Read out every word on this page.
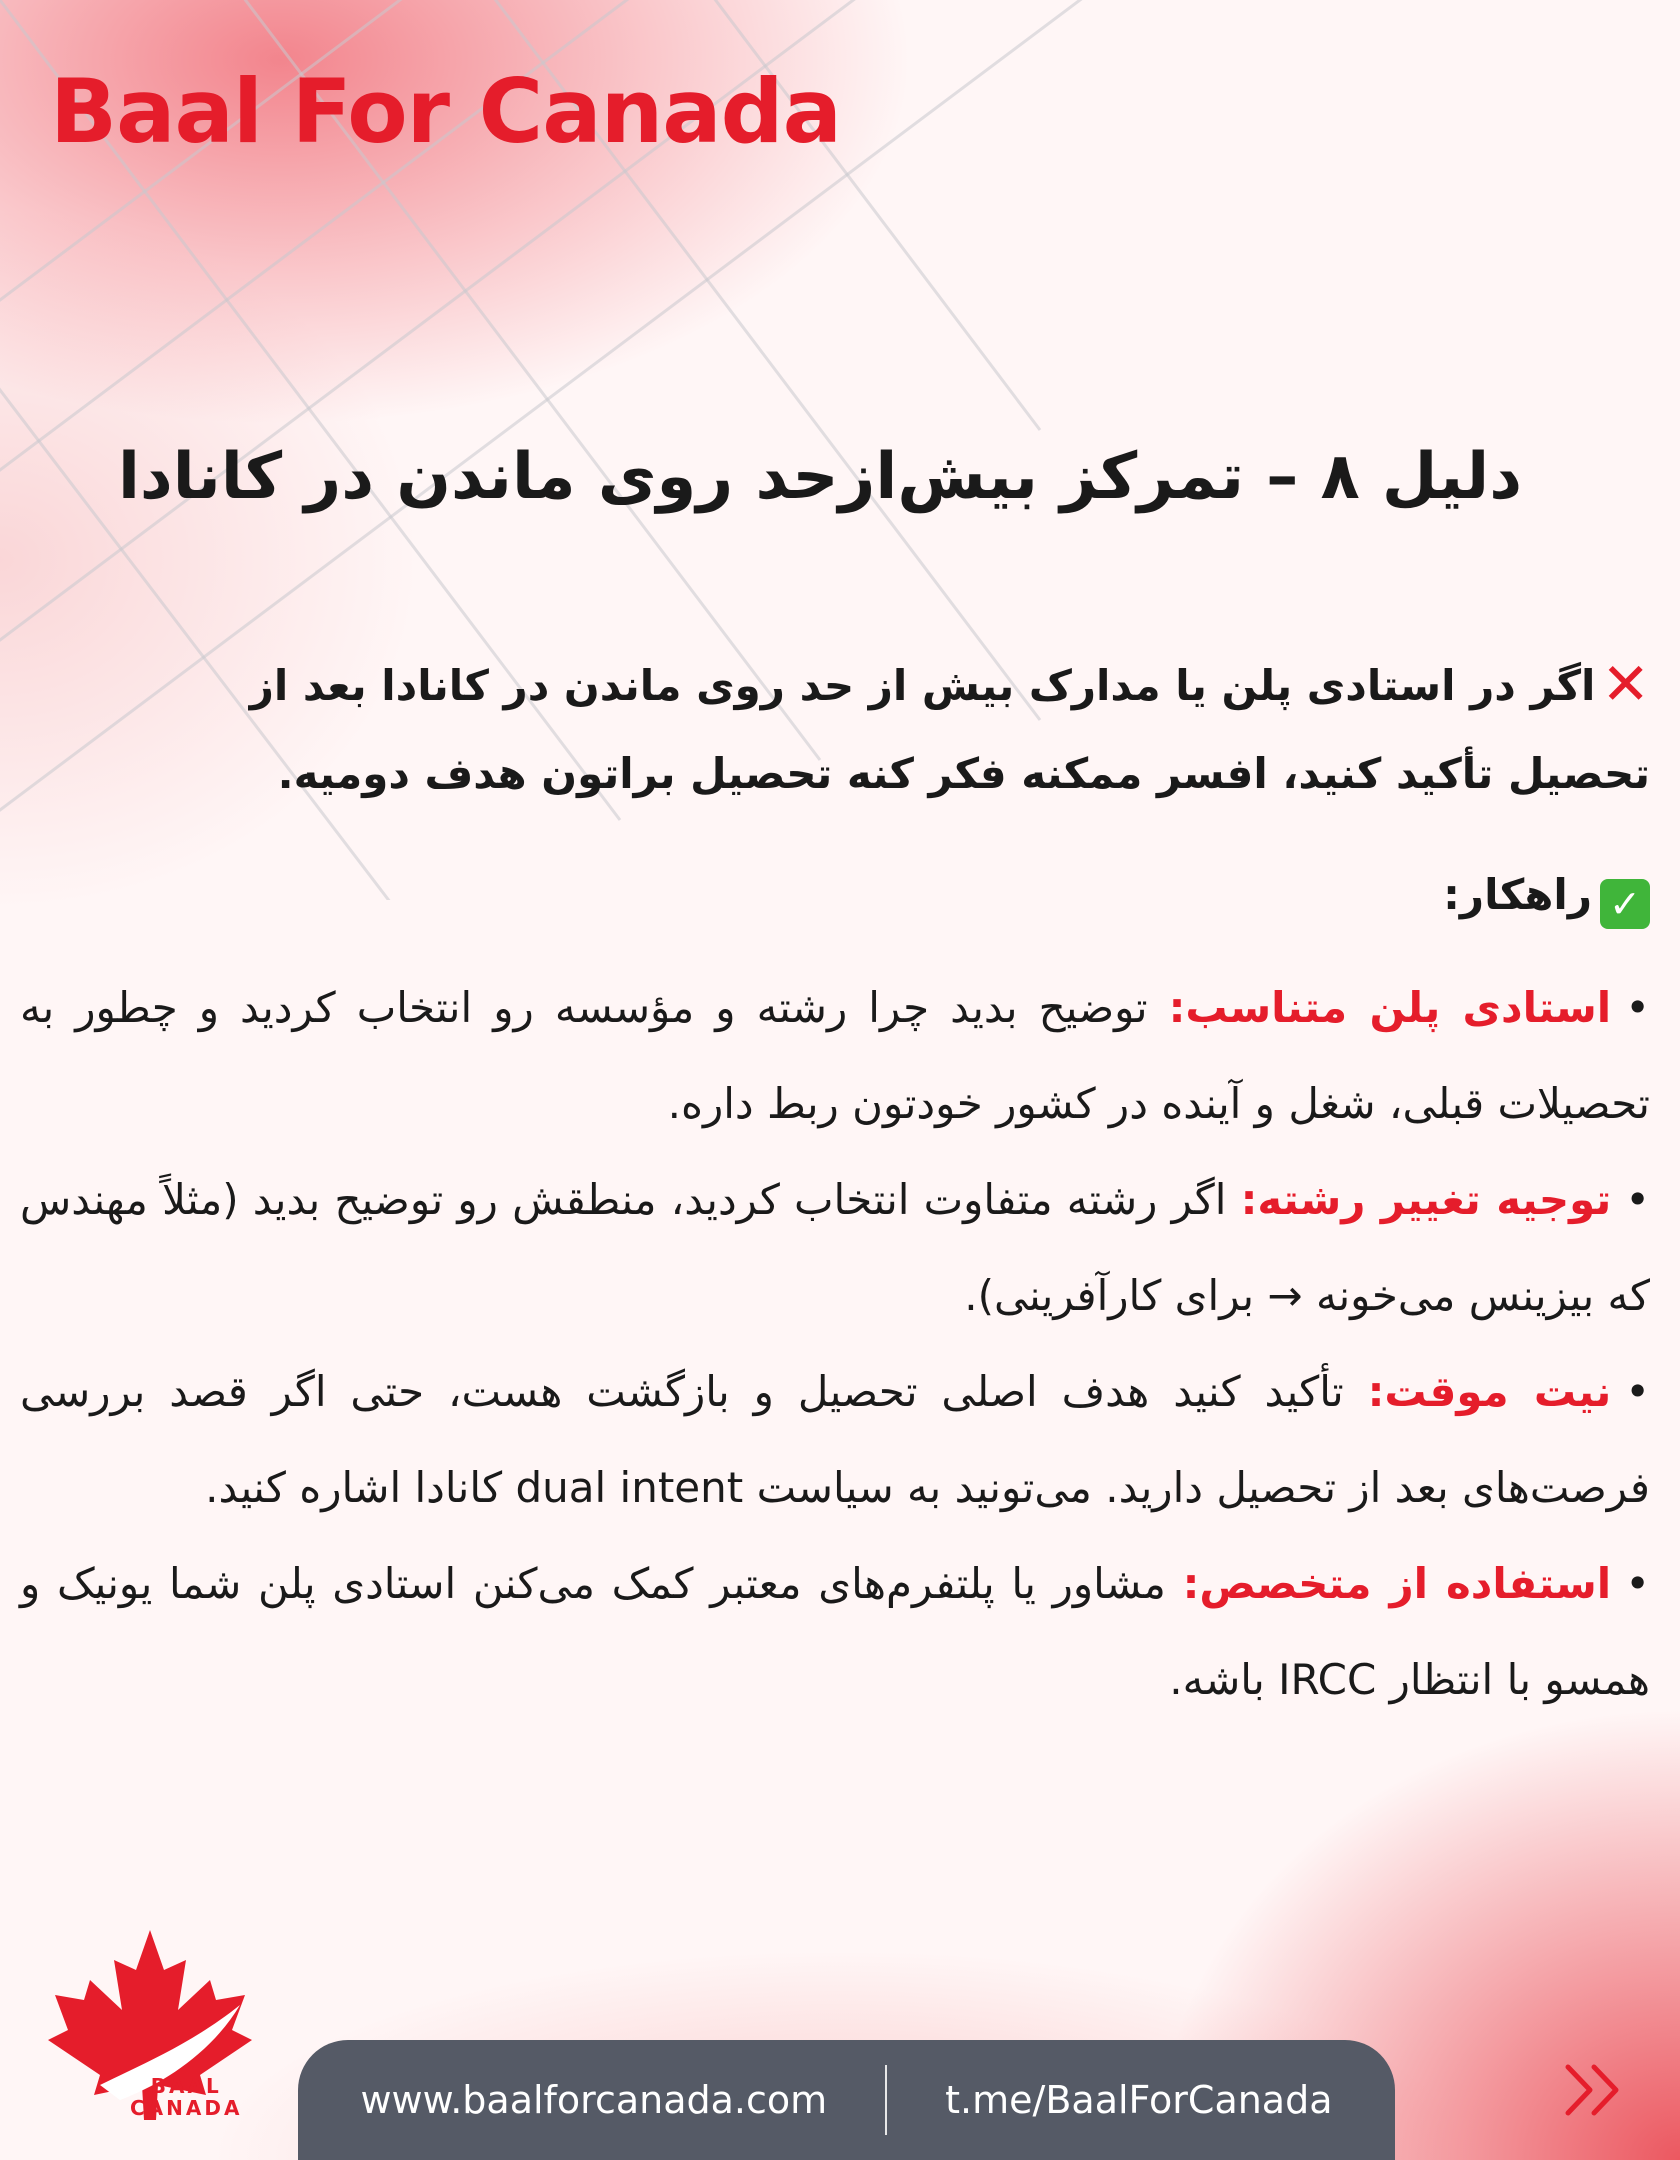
Baal For Canada
دلیل ۸ – تمرکز بیش‌ازحد روی ماندن در کانادا
✕اگر در استادی پلن یا مدارک بیش از حد روی ماندن در کانادا بعد از تحصیل تأکید کنید، افسر ممکنه فکر کنه تحصیل براتون هدف دومیه.
✓راهکار:

•استادی پلن متناسب: توضیح بدید چرا رشته و مؤسسه رو انتخاب کردید و چطور به تحصیلات قبلی، شغل و آینده در کشور خودتون ربط داره.

•توجیه تغییر رشته: اگر رشته متفاوت انتخاب کردید، منطقش رو توضیح بدید (مثلاً مهندس که بیزینس می‌خونه → برای کارآفرینی).

•نیت موقت: تأکید کنید هدف اصلی تحصیل و بازگشت هست، حتی اگر قصد بررسی فرصت‌های بعد از تحصیل دارید. می‌تونید به سیاست dual intent کانادا اشاره کنید.

•استفاده از متخصص: مشاور یا پلتفرم‌های معتبر کمک می‌کنن استادی پلن شما یونیک و همسو با انتظار IRCC باشه.

BAAL
CANADA	www.baalforcanada.com	t.me/BaalForCanada
